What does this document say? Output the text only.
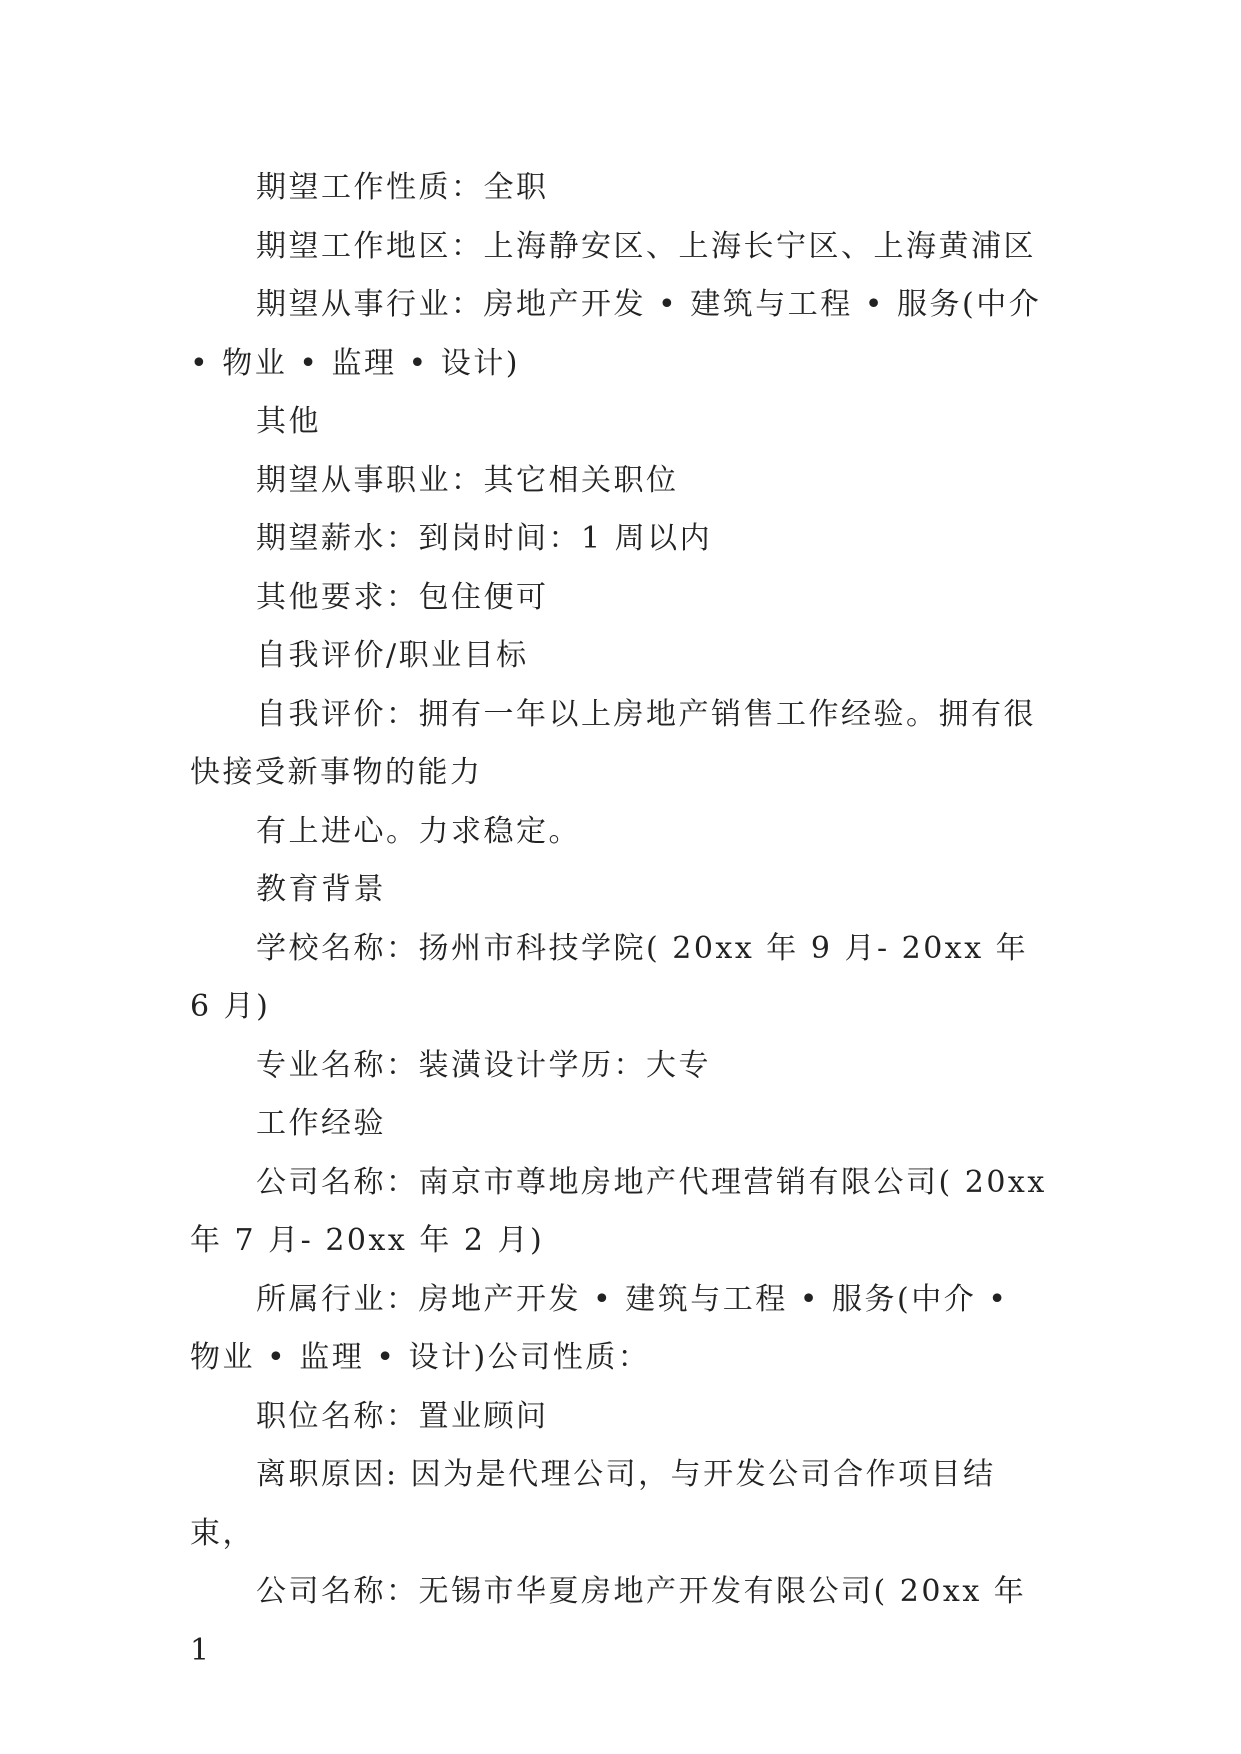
期望工作性质：全职

期望工作地区：上海静安区、上海长宁区、上海黄浦区

期望从事行业：房地产开发 • 建筑与工程 • 服务(中介 • 物业 • 监理 • 设计)

其他

期望从事职业：其它相关职位

期望薪水：到岗时间：1 周以内

其他要求：包住便可

自我评价/职业目标

自我评价：拥有一年以上房地产销售工作经验。拥有很快接受新事物的能力

有上进心。力求稳定。

教育背景

学校名称：扬州市科技学院( 20xx 年 9 月- 20xx 年 6 月)

专业名称：装潢设计学历：大专

工作经验

公司名称：南京市尊地房地产代理营销有限公司( 20xx 年 7 月- 20xx 年 2 月)

所属行业：房地产开发 • 建筑与工程 • 服务(中介 • 物业 • 监理 • 设计)公司性质：

职位名称：置业顾问

离职原因: 因为是代理公司，与开发公司合作项目结束，

公司名称：无锡市华夏房地产开发有限公司( 20xx 年 1
